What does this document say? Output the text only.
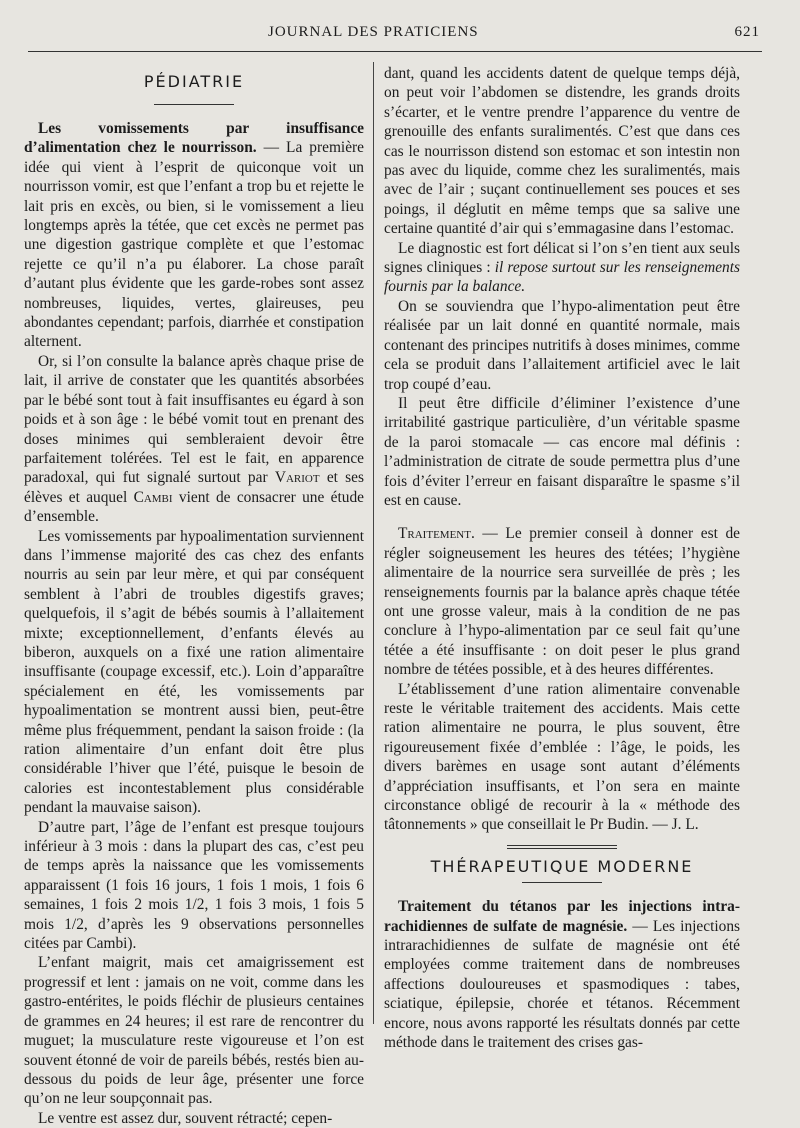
JOURNAL DES PRATICIENS	621
PÉDIATRIE

Les vomissements par insuffisance d’alimentation chez le nourrisson. — La première idée qui vient à l’esprit de quiconque voit un nourrisson vomir, est que l’enfant a trop bu et rejette le lait pris en excès, ou bien, si le vomissement a lieu longtemps après la tétée, que cet excès ne permet pas une digestion gastrique complète et que l’estomac rejette ce qu’il n’a pu élaborer. La chose paraît d’autant plus évidente que les garde-robes sont assez nombreuses, liquides, vertes, glaireuses, peu abondantes cependant; parfois, diarrhée et constipation alternent.

Or, si l’on consulte la balance après chaque prise de lait, il arrive de constater que les quantités absorbées par le bébé sont tout à fait insuffisantes eu égard à son poids et à son âge : le bébé vomit tout en prenant des doses minimes qui sembleraient devoir être parfaitement tolérées. Tel est le fait, en apparence paradoxal, qui fut signalé surtout par Variot et ses élèves et auquel Cambi vient de consacrer une étude d’ensemble.

Les vomissements par hypoalimentation surviennent dans l’immense majorité des cas chez des enfants nourris au sein par leur mère, et qui par conséquent semblent à l’abri de troubles digestifs graves; quelquefois, il s’agit de bébés soumis à l’allaitement mixte; exceptionnellement, d’enfants élevés au biberon, auxquels on a fixé une ration alimentaire insuffisante (coupage excessif, etc.). Loin d’apparaître spécialement en été, les vomissements par hypoalimentation se montrent aussi bien, peut-être même plus fréquemment, pendant la saison froide : (la ration alimentaire d’un enfant doit être plus considérable l’hiver que l’été, puisque le besoin de calories est incontestablement plus considérable pendant la mauvaise saison).

D’autre part, l’âge de l’enfant est presque toujours inférieur à 3 mois : dans la plupart des cas, c’est peu de temps après la naissance que les vomissements apparaissent (1 fois 16 jours, 1 fois 1 mois, 1 fois 6 semaines, 1 fois 2 mois 1/2, 1 fois 3 mois, 1 fois 5 mois 1/2, d’après les 9 observations personnelles citées par Cambi).

L’enfant maigrit, mais cet amaigrissement est progressif et lent : jamais on ne voit, comme dans les gastro-entérites, le poids fléchir de plusieurs centaines de grammes en 24 heures; il est rare de rencontrer du muguet; la musculature reste vigoureuse et l’on est souvent étonné de voir de pareils bébés, restés bien au-dessous du poids de leur âge, présenter une force qu’on ne leur soupçonnait pas.

Le ventre est assez dur, souvent rétracté; cepen-

dant, quand les accidents datent de quelque temps déjà, on peut voir l’abdomen se distendre, les grands droits s’écarter, et le ventre prendre l’apparence du ventre de grenouille des enfants suralimentés. C’est que dans ces cas le nourrisson distend son estomac et son intestin non pas avec du liquide, comme chez les suralimentés, mais avec de l’air ; suçant continuellement ses pouces et ses poings, il déglutit en même temps que sa salive une certaine quantité d’air qui s’emmagasine dans l’estomac.

Le diagnostic est fort délicat si l’on s’en tient aux seuls signes cliniques : il repose surtout sur les renseignements fournis par la balance.

On se souviendra que l’hypo-alimentation peut être réalisée par un lait donné en quantité normale, mais contenant des principes nutritifs à doses minimes, comme cela se produit dans l’allaitement artificiel avec le lait trop coupé d’eau.

Il peut être difficile d’éliminer l’existence d’une irritabilité gastrique particulière, d’un véritable spasme de la paroi stomacale — cas encore mal définis : l’administration de citrate de soude permettra plus d’une fois d’éviter l’erreur en faisant disparaître le spasme s’il est en cause.

Traitement. — Le premier conseil à donner est de régler soigneusement les heures des tétées; l’hygiène alimentaire de la nourrice sera surveillée de près ; les renseignements fournis par la balance après chaque tétée ont une grosse valeur, mais à la condition de ne pas conclure à l’hypo-alimentation par ce seul fait qu’une tétée a été insuffisante : on doit peser le plus grand nombre de tétées possible, et à des heures différentes.

L’établissement d’une ration alimentaire convenable reste le véritable traitement des accidents. Mais cette ration alimentaire ne pourra, le plus souvent, être rigoureusement fixée d’emblée : l’âge, le poids, les divers barèmes en usage sont autant d’éléments d’appréciation insuffisants, et l’on sera en mainte circonstance obligé de recourir à la « méthode des tâtonnements » que conseillait le Pr Budin. — J. L.

THÉRAPEUTIQUE MODERNE

Traitement du tétanos par les injections intra-rachidiennes de sulfate de magnésie. — Les injections intrarachidiennes de sulfate de magnésie ont été employées comme traitement dans de nombreuses affections douloureuses et spasmodiques : tabes, sciatique, épilepsie, chorée et tétanos. Récemment encore, nous avons rapporté les résultats donnés par cette méthode dans le traitement des crises gas-
